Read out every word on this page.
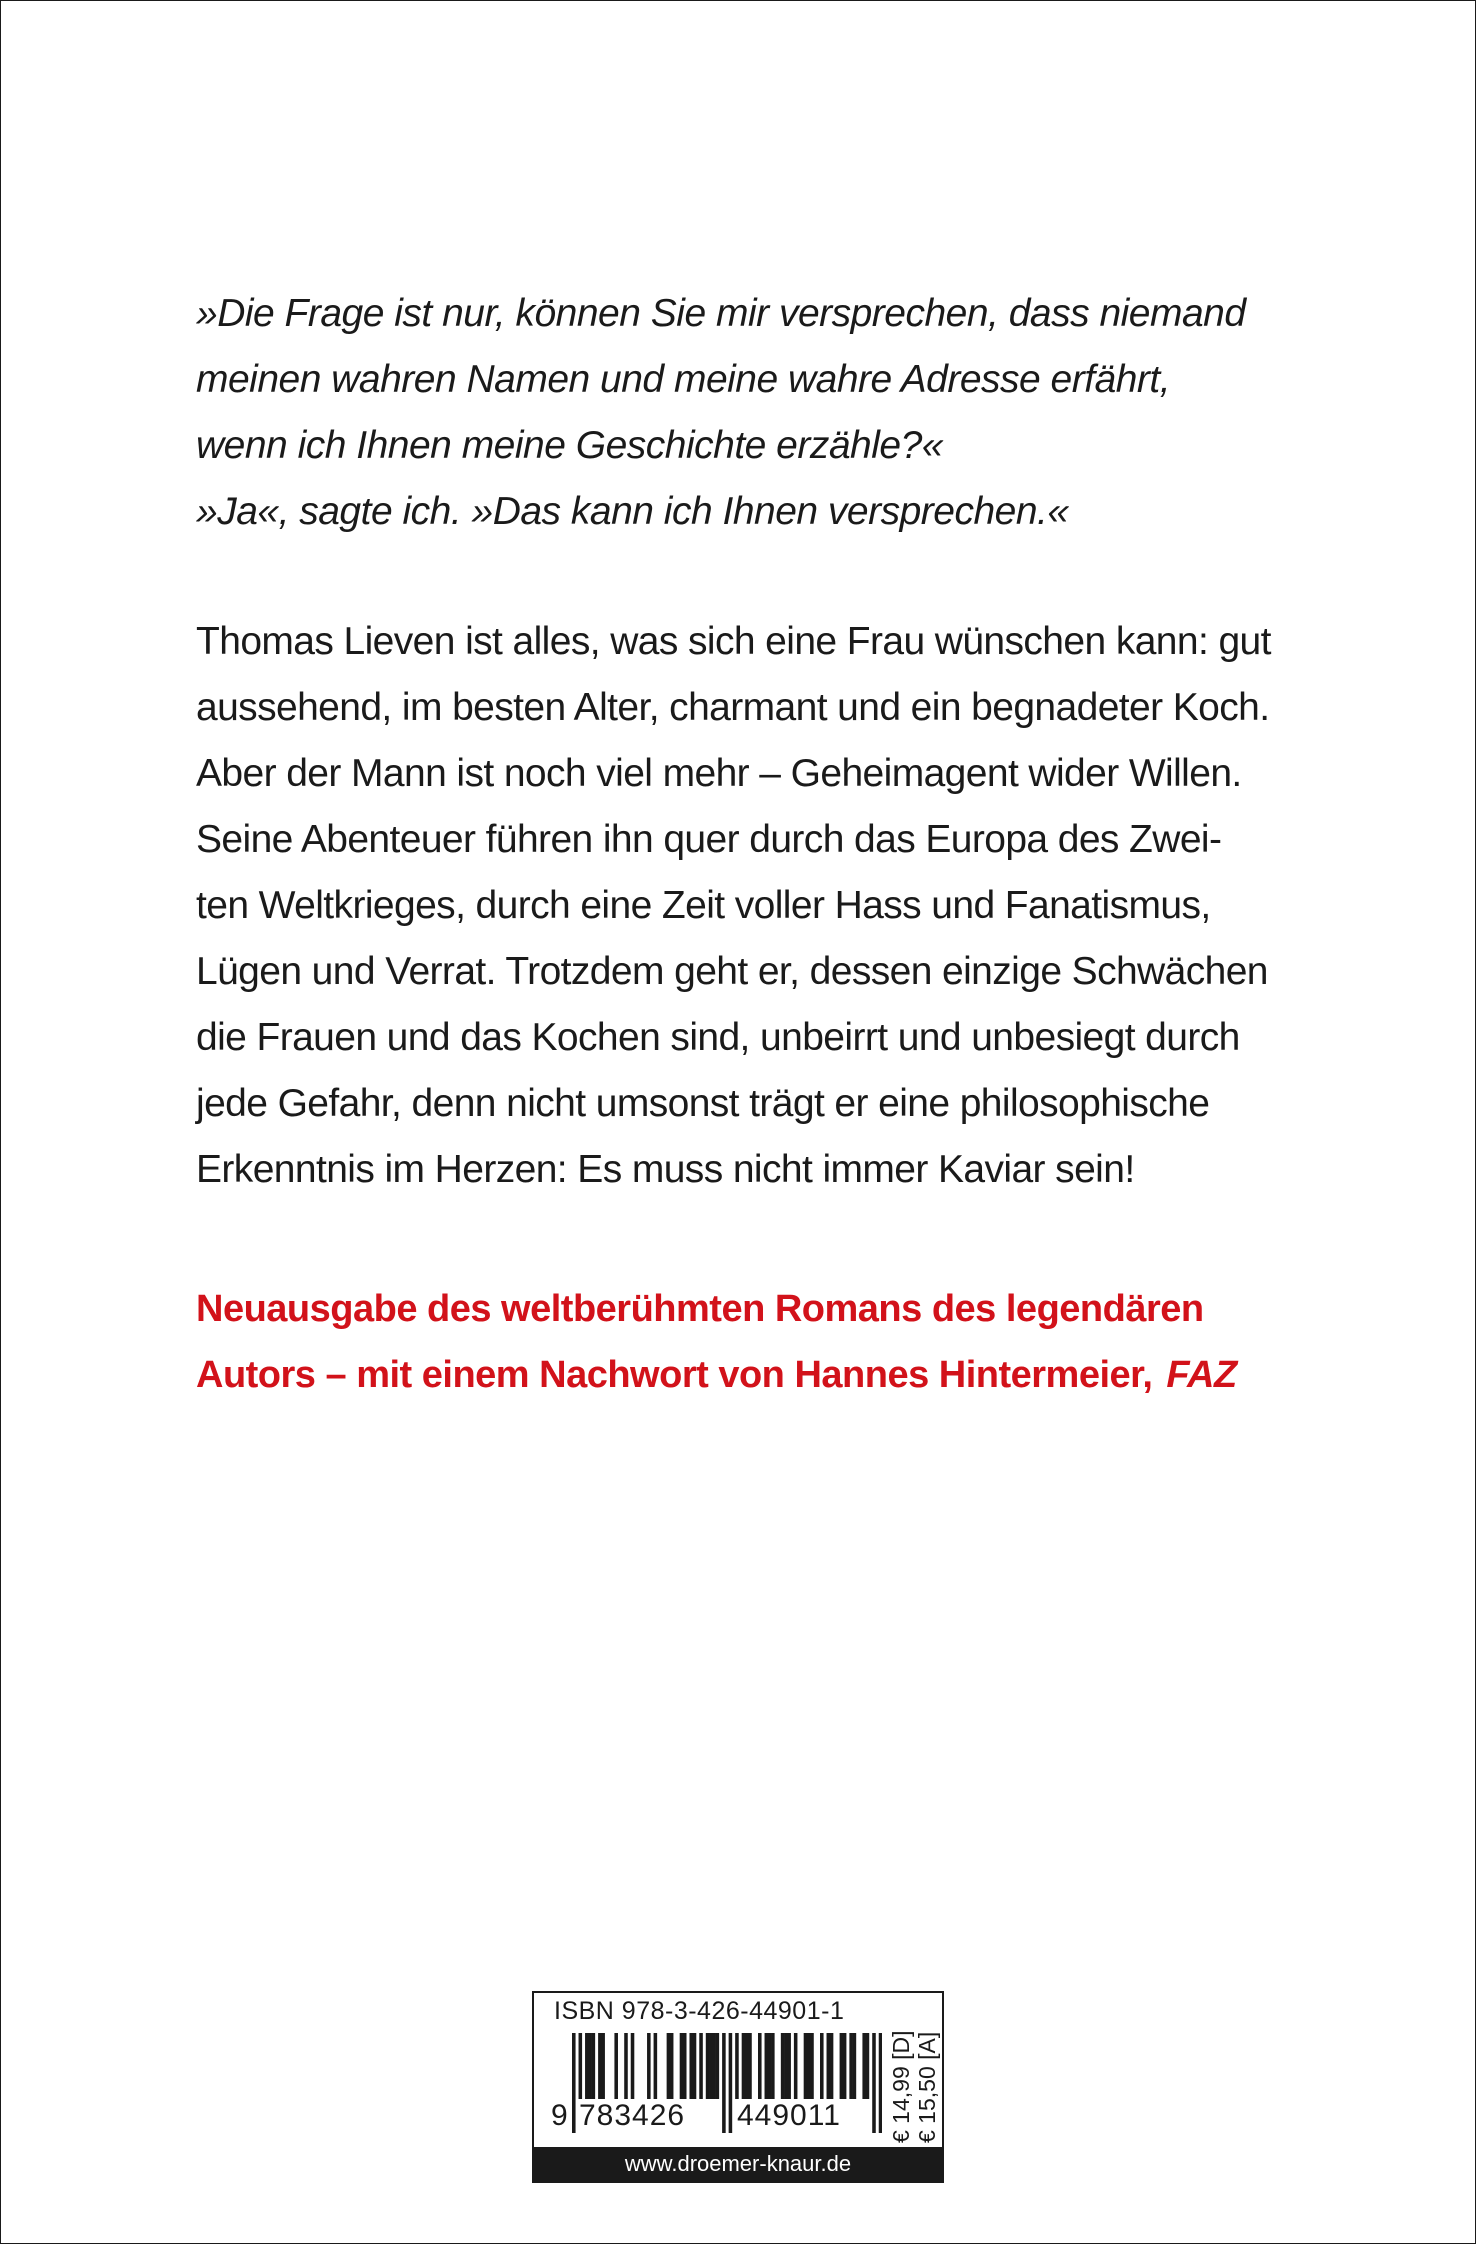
»Die Frage ist nur, können Sie mir versprechen, dass niemand
meinen wahren Namen und meine wahre Adresse erfährt,
wenn ich Ihnen meine Geschichte erzähle?«
»Ja«, sagte ich. »Das kann ich Ihnen versprechen.«
Thomas Lieven ist alles, was sich eine Frau wünschen kann: gut
aussehend, im besten Alter, charmant und ein begnadeter Koch.
Aber der Mann ist noch viel mehr – Geheimagent wider Willen.
Seine Abenteuer führen ihn quer durch das Europa des Zwei-
ten Weltkrieges, durch eine Zeit voller Hass und Fanatismus,
Lügen und Verrat. Trotzdem geht er, dessen einzige Schwächen
die Frauen und das Kochen sind, unbeirrt und unbesiegt durch
jede Gefahr, denn nicht umsonst trägt er eine philosophische
Erkenntnis im Herzen: Es muss nicht immer Kaviar sein!
Neuausgabe des weltberühmten Romans des legendären
Autors – mit einem Nachwort von Hannes Hintermeier, FAZ
ISBN 978-3-426-44901-1
9 783426 449011 € 14,99 [D] € 15,50 [A]
www.droemer-knaur.de
